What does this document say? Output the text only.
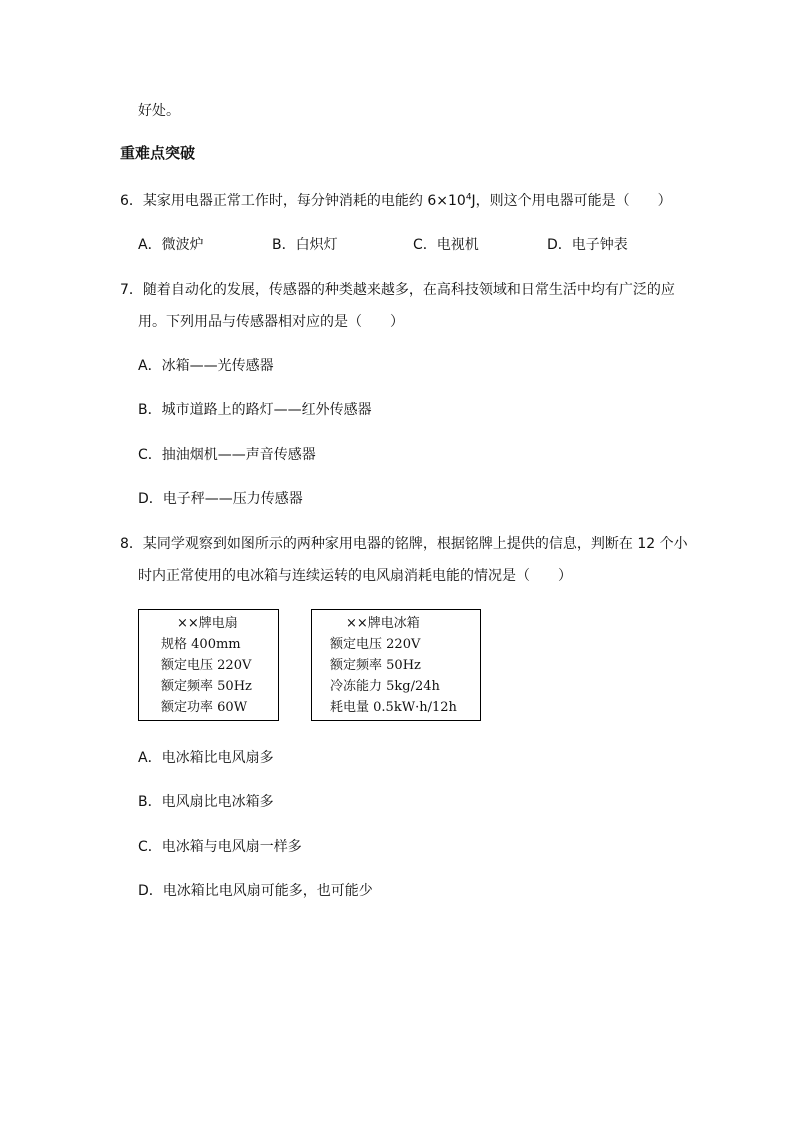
好处。
重难点突破
6．某家用电器正常工作时，每分钟消耗的电能约 $6\times 10^4J$，则这个用电器可能是（　　）
A．微波炉	B．白炽灯	C．电视机	D．电子钟表
7．随着自动化的发展，传感器的种类越来越多，在高科技领域和日常生活中均有广泛的应
用。下列用品与传感器相对应的是（　　）
A．冰箱——光传感器
B．城市道路上的路灯——红外传感器
C．抽油烟机——声音传感器
D．电子秤——压力传感器
8．某同学观察到如图所示的两种家用电器的铭牌，根据铭牌上提供的信息，判断在 12 个小
时内正常使用的电冰箱与连续运转的电风扇消耗电能的情况是（　　）
××牌电扇
规格 400mm
额定电压 220V
额定频率 50Hz
额定功率 60W
××牌电冰箱
额定电压 220V
额定频率 50Hz
冷冻能力 5kg/24h
耗电量 0.5kW·h/12h
A．电冰箱比电风扇多
B．电风扇比电冰箱多
C．电冰箱与电风扇一样多
D．电冰箱比电风扇可能多，也可能少
